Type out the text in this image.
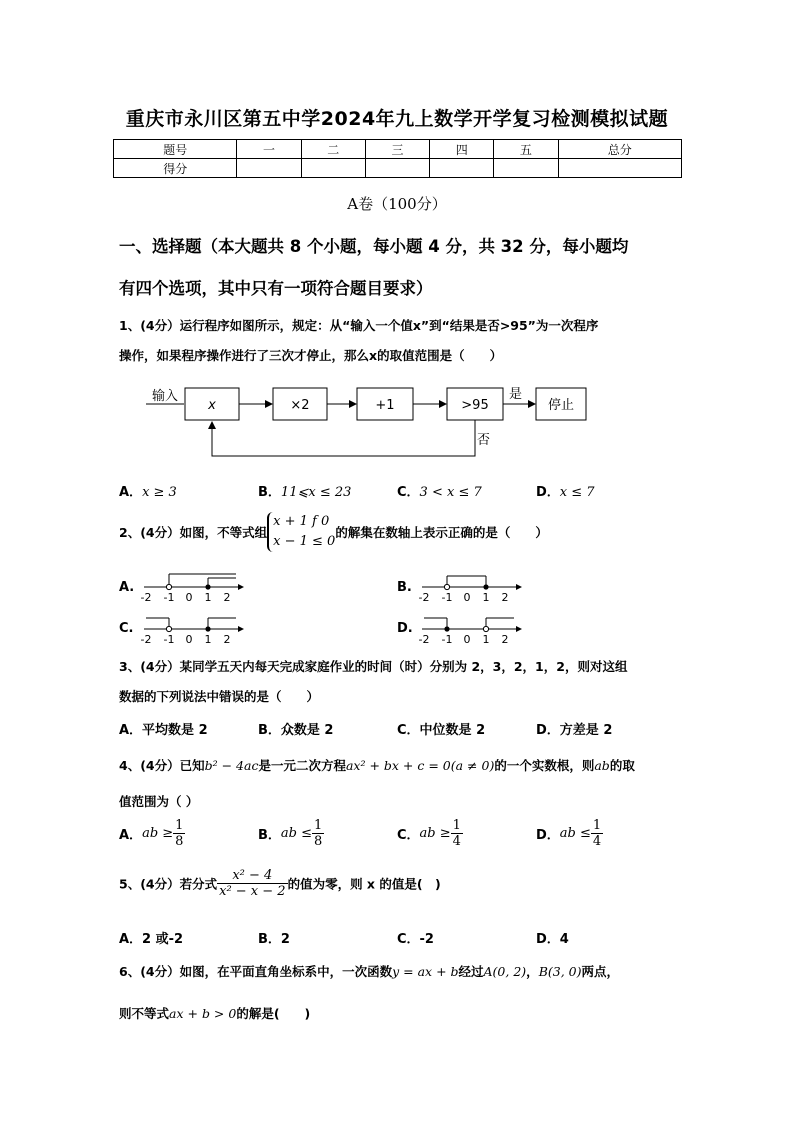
重庆市永川区第五中学2024年九上数学开学复习检测模拟试题
题号	一	二	三	四	五	总分
得分						
A卷（100分）
一、选择题（本大题共 8 个小题，每小题 4 分，共 32 分，每小题均
有四个选项，其中只有一项符合题目要求）
1、(4分）运行程序如图所示，规定：从“输入一个值x”到“结果是否>95”为一次程序
操作，如果程序操作进行了三次才停止，那么x的取值范围是（　　）
输入
x	×2	+1	>95
是
停止
否
A．x ≥ 3	B．11⩽x ≤ 23	C．3 < x ≤ 7	D．x ≤ 7
2、(4分）如图，不等式组
x + 1 f 0
x − 1 ≤ 0
的解集在数轴上表示正确的是（　　）
A.
-2 -1 0 1 2
B.
-2 -1 0 1 2
C.
-2 -1 0 1 2
D.
-2 -1 0 1 2
3、(4分）某同学五天内每天完成家庭作业的时间（时）分别为 2，3，2，1，2，则对这组
数据的下列说法中错误的是（　　）
A．平均数是 2	B．众数是 2	C．中位数是 2	D．方差是 2
4、(4分）已知b² − 4ac是一元二次方程ax² + bx + c = 0(a ≠ 0)的一个实数根，则ab的取
值范围为（ ）
A．ab ≥ $\frac{1}{8}$	B．ab ≤ $\frac{1}{8}$	C．ab ≥ $\frac{1}{4}$	D．ab ≤ $\frac{1}{4}$
5、(4分）若分式 $\frac{\text{x² − 4}}{\text{x² − x − 2}}$ 的值为零，则 x 的值是(　)
A．2 或-2	B．2	C．-2	D．4
6、(4分）如图，在平面直角坐标系中，一次函数y = ax + b经过A(0, 2)，B(3, 0)两点，
则不等式ax + b > 0的解是(　　)
